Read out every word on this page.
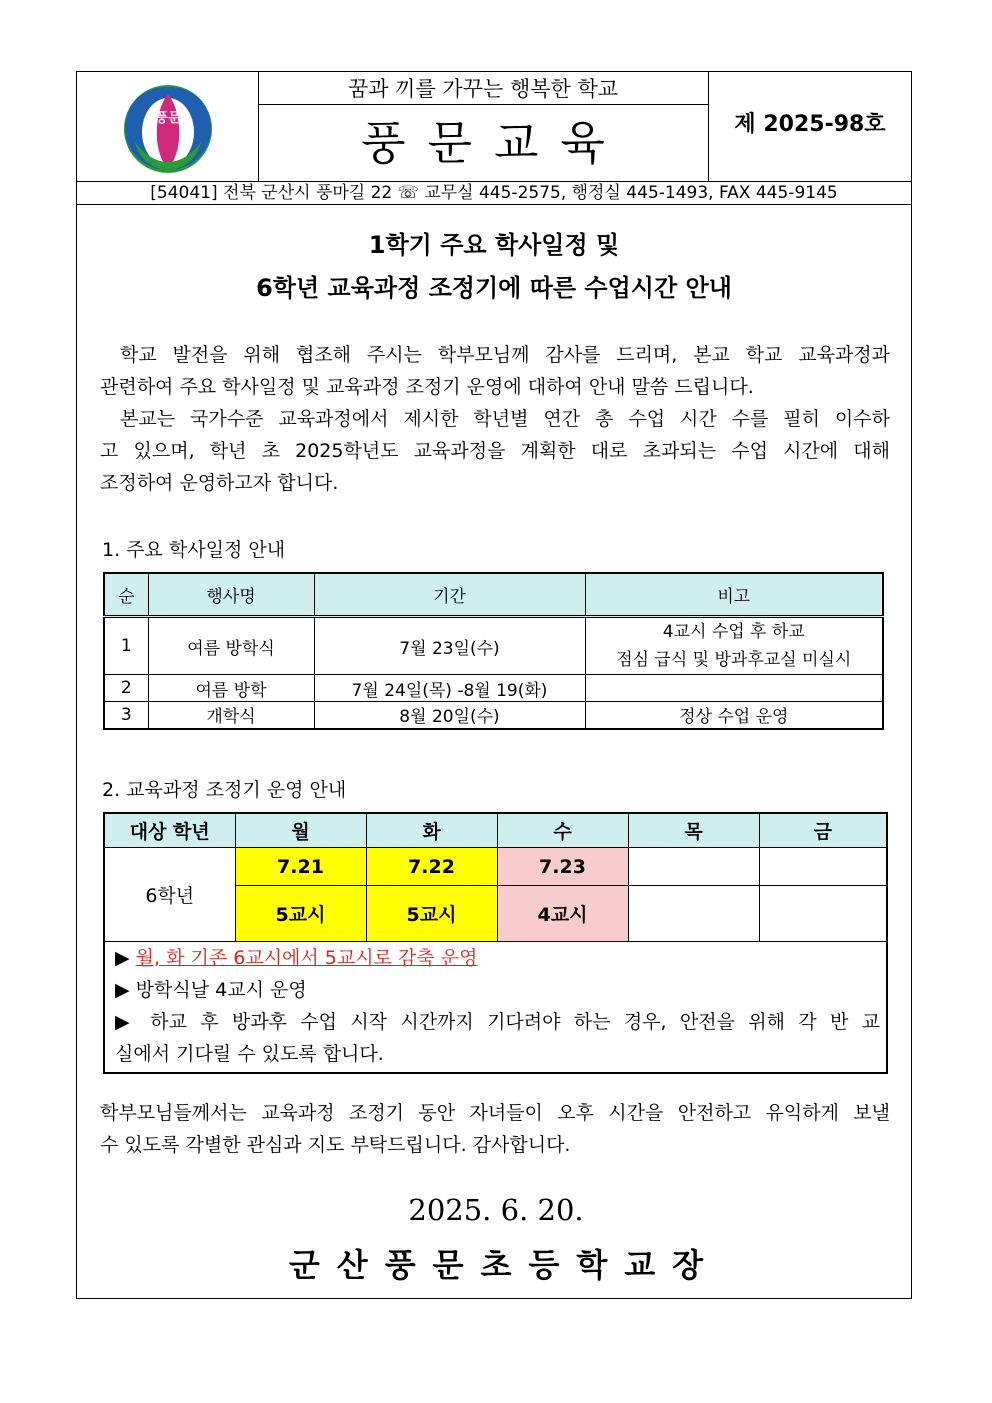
풍문
꿈과 끼를 가꾸는 행복한 학교
풍문교육	제 2025-98호
[54041] 전북 군산시 풍마길 22 ☏ 교무실 445-2575, 행정실 445-1493, FAX 445-9145
1학기 주요 학사일정 및
6학년 교육과정 조정기에 따른 수업시간 안내
학교 발전을 위해 협조해 주시는 학부모님께 감사를 드리며, 본교 학교 교육과정과
관련하여 주요 학사일정 및 교육과정 조정기 운영에 대하여 안내 말씀 드립니다.
본교는 국가수준 교육과정에서 제시한 학년별 연간 총 수업 시간 수를 필히 이수하
고 있으며, 학년 초 2025학년도 교육과정을 계획한 대로 초과되는 수업 시간에 대해
조정하여 운영하고자 합니다.
1. 주요 학사일정 안내
순	행사명	기간	비고
1	여름 방학식	7월 23일(수)	4교시 수업 후 하교
점심 급식 및 방과후교실 미실시

2	여름 방학	7월 24일(목) -8월 19(화)	
3	개학식	8월 20일(수)	정상 수업 운영
2. 교육과정 조정기 운영 안내
대상 학년	월	화	수	목	금
6학년	7.21	7.22	7.23		
	5교시	5교시	4교시		

▶ 월, 화 기존 6교시에서 5교시로 감축 운영
▶ 방학식날 4교시 운영
▶ 하교 후 방과후 수업 시작 시간까지 기다려야 하는 경우, 안전을 위해 각 반 교
실에서 기다릴 수 있도록 합니다.					
학부모님들께서는 교육과정 조정기 동안 자녀들이 오후 시간을 안전하고 유익하게 보낼
수 있도록 각별한 관심과 지도 부탁드립니다. 감사합니다.
2025. 6. 20.
군산풍문초등학교장
